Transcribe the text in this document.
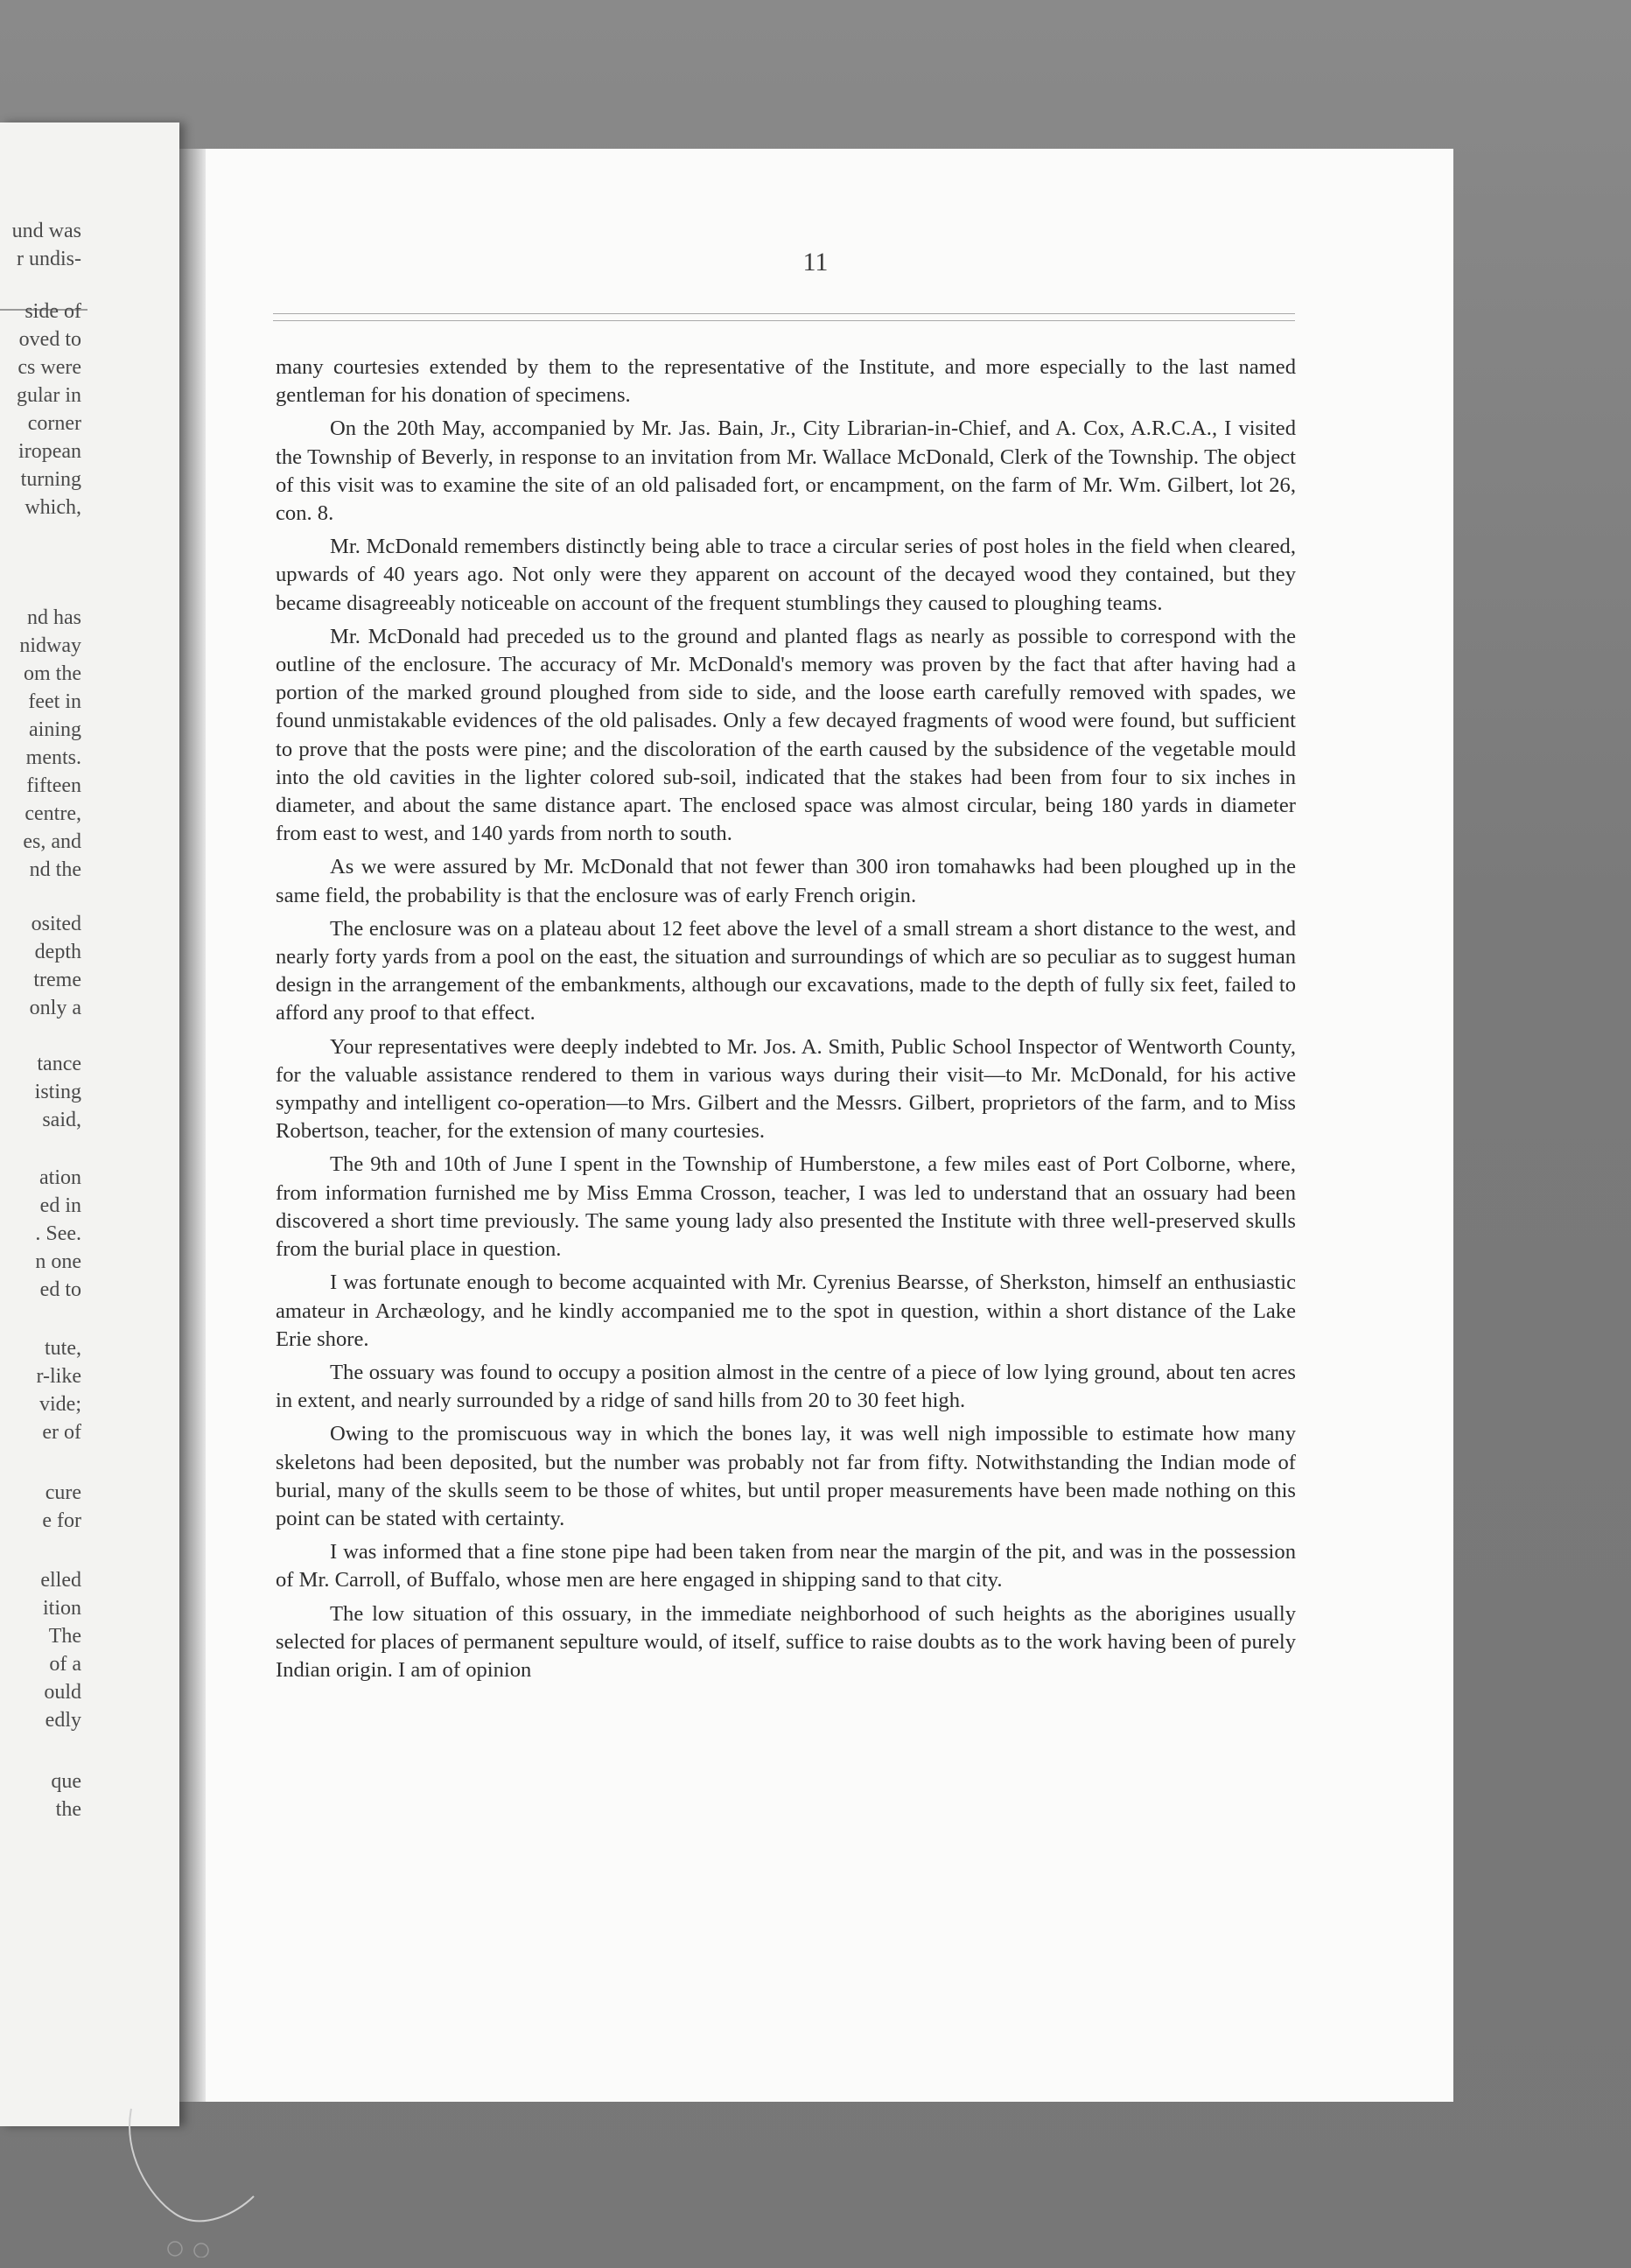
und was
r undis-
side of
oved to
cs were
gular in
corner
iropean
turning
which,
nd has
nidway
om the
feet in
aining
ments.
fifteen
centre,
es, and
nd the
osited
depth
treme
only a
tance
isting
said,
ation
ed in
. See.
n one
ed to
tute,
r-like
vide;
er of
cure
e for
elled
ition
The
of a
ould
edly
que
the
11

many courtesies extended by them to the representative of the Institute, and more especially to the last named gentleman for his donation of specimens.

On the 20th May, accompanied by Mr. Jas. Bain, Jr., City Librarian-in-Chief, and A. Cox, A.R.C.A., I visited the Township of Beverly, in response to an invitation from Mr. Wallace McDonald, Clerk of the Township. The object of this visit was to examine the site of an old palisaded fort, or encampment, on the farm of Mr. Wm. Gilbert, lot 26, con. 8.

Mr. McDonald remembers distinctly being able to trace a circular series of post holes in the field when cleared, upwards of 40 years ago. Not only were they apparent on account of the decayed wood they contained, but they became disagreeably noticeable on account of the frequent stumblings they caused to ploughing teams.

Mr. McDonald had preceded us to the ground and planted flags as nearly as possible to correspond with the outline of the enclosure. The accuracy of Mr. McDonald's memory was proven by the fact that after having had a portion of the marked ground ploughed from side to side, and the loose earth carefully removed with spades, we found unmistakable evidences of the old palisades. Only a few decayed fragments of wood were found, but sufficient to prove that the posts were pine; and the discoloration of the earth caused by the subsidence of the vegetable mould into the old cavities in the lighter colored sub-soil, indicated that the stakes had been from four to six inches in diameter, and about the same distance apart. The enclosed space was almost circular, being 180 yards in diameter from east to west, and 140 yards from north to south.

As we were assured by Mr. McDonald that not fewer than 300 iron tomahawks had been ploughed up in the same field, the probability is that the enclosure was of early French origin.

The enclosure was on a plateau about 12 feet above the level of a small stream a short distance to the west, and nearly forty yards from a pool on the east, the situation and surroundings of which are so peculiar as to suggest human design in the arrangement of the embankments, although our excavations, made to the depth of fully six feet, failed to afford any proof to that effect.

Your representatives were deeply indebted to Mr. Jos. A. Smith, Public School Inspector of Wentworth County, for the valuable assistance rendered to them in various ways during their visit—to Mr. McDonald, for his active sympathy and intelligent co-operation—to Mrs. Gilbert and the Messrs. Gilbert, proprietors of the farm, and to Miss Robertson, teacher, for the extension of many courtesies.

The 9th and 10th of June I spent in the Township of Humberstone, a few miles east of Port Colborne, where, from information furnished me by Miss Emma Crosson, teacher, I was led to understand that an ossuary had been discovered a short time previously. The same young lady also presented the Institute with three well-preserved skulls from the burial place in question.

I was fortunate enough to become acquainted with Mr. Cyrenius Bearsse, of Sherkston, himself an enthusiastic amateur in Archæology, and he kindly accompanied me to the spot in question, within a short distance of the Lake Erie shore.

The ossuary was found to occupy a position almost in the centre of a piece of low lying ground, about ten acres in extent, and nearly surrounded by a ridge of sand hills from 20 to 30 feet high.

Owing to the promiscuous way in which the bones lay, it was well nigh impossible to estimate how many skeletons had been deposited, but the number was probably not far from fifty. Notwithstanding the Indian mode of burial, many of the skulls seem to be those of whites, but until proper measurements have been made nothing on this point can be stated with certainty.

I was informed that a fine stone pipe had been taken from near the margin of the pit, and was in the possession of Mr. Carroll, of Buffalo, whose men are here engaged in shipping sand to that city.

The low situation of this ossuary, in the immediate neighborhood of such heights as the aborigines usually selected for places of permanent sepulture would, of itself, suffice to raise doubts as to the work having been of purely Indian origin. I am of opinion
